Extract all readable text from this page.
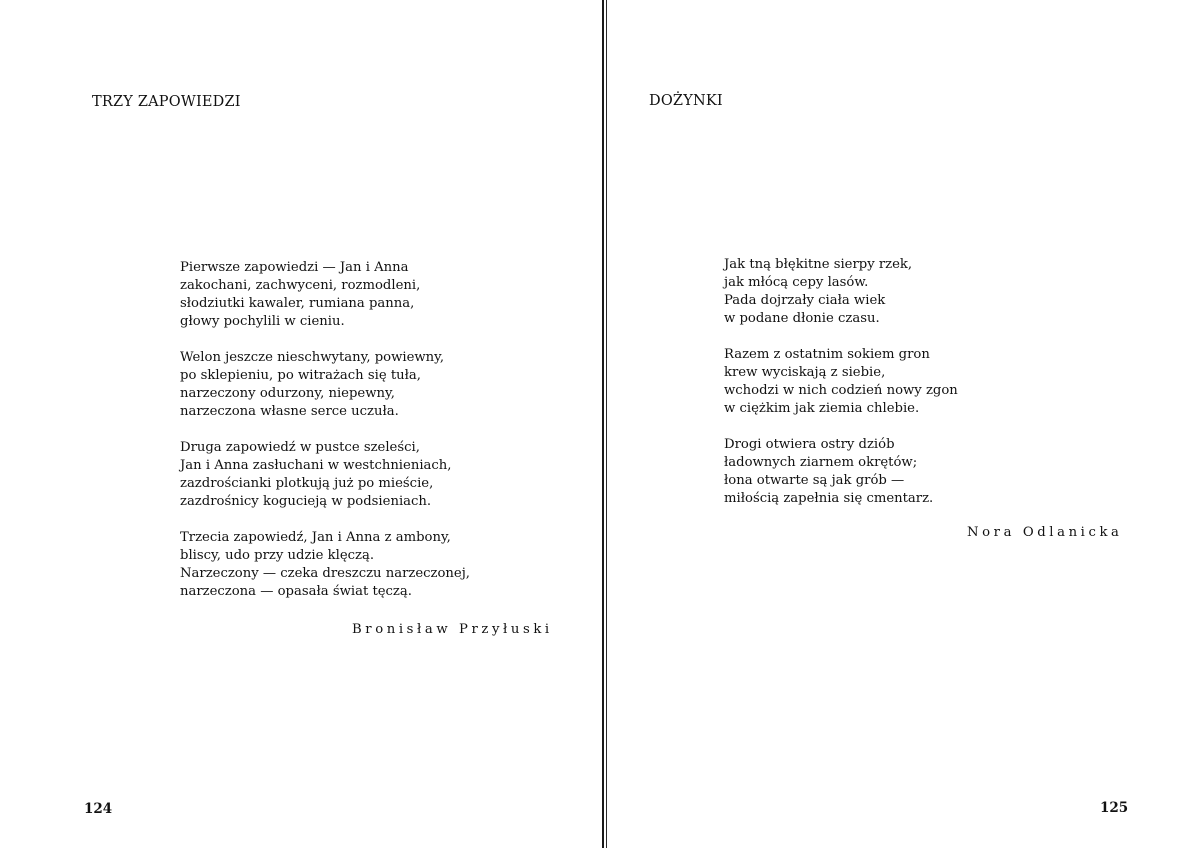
TRZY ZAPOWIEDZI
Pierwsze zapowiedzi — Jan i Anna
zakochani, zachwyceni, rozmodleni,
słodziutki kawaler, rumiana panna,
głowy pochylili w cieniu.
Welon jeszcze nieschwytany, powiewny,
po sklepieniu, po witrażach się tuła,
narzeczony odurzony, niepewny,
narzeczona własne serce uczuła.
Druga zapowiedź w pustce szeleści,
Jan i Anna zasłuchani w westchnieniach,
zazdrościanki plotkują już po mieście,
zazdrośnicy kogucieją w podsieniach.
Trzecia zapowiedź, Jan i Anna z ambony,
bliscy, udo przy udzie klęczą.
Narzeczony — czeka dreszczu narzeczonej,
narzeczona — opasała świat tęczą.

Bronisław Przyłuski

124

DOŻYNKI
Jak tną błękitne sierpy rzek,
jak młócą cepy lasów.
Pada dojrzały ciała wiek
w podane dłonie czasu.
Razem z ostatnim sokiem gron
krew wyciskają z siebie,
wchodzi w nich codzień nowy zgon
w ciężkim jak ziemia chlebie.
Drogi otwiera ostry dziób
ładownych ziarnem okrętów;
łona otwarte są jak grób —
miłością zapełnia się cmentarz.

Nora Odlanicka

125
